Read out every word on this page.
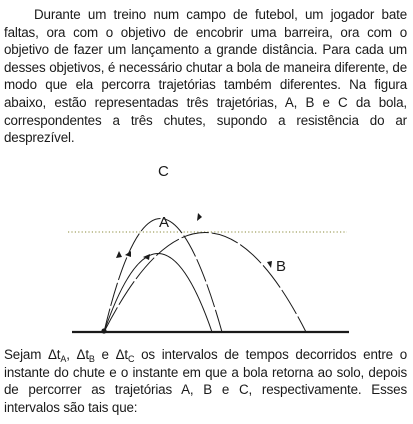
Durante um treino num campo de futebol, um jogador bate faltas, ora com o objetivo de encobrir uma barreira, ora com o objetivo de fazer um lançamento a grande distância. Para cada um desses objetivos, é necessário chutar a bola de maneira diferente, de modo que ela percorra trajetórias também diferentes. Na figura abaixo, estão representadas três trajetórias, A, B e C da bola, correspondentes a três chutes, supondo a resistência do ar desprezível.
C
A
B
Sejam $\Delta t_A$, $\Delta t_B$ e $\Delta t_C$ os intervalos de tempos decorridos entre o instante do chute e o instante em que a bola retorna ao solo, depois de percorrer as trajetórias A, B e C, respectivamente. Esses intervalos são tais que:
